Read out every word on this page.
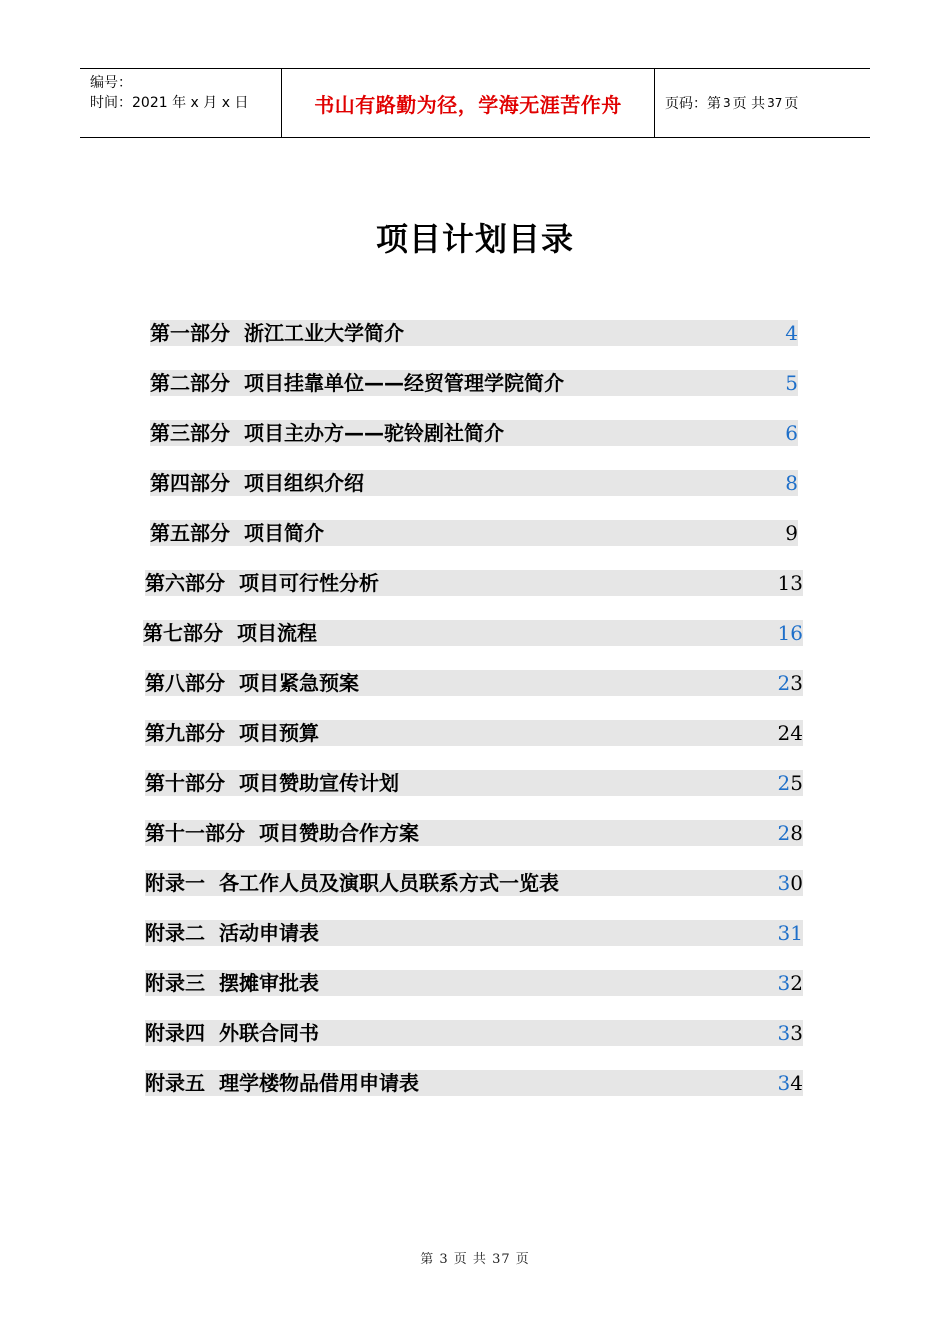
编号：
时间：2021 年 x 月 x 日	书山有路勤为径，学海无涯苦作舟	页码：第 3 页 共 37 页
项目计划目录
第一部分 浙江工业大学简介	4
第二部分 项目挂靠单位——经贸管理学院简介	5
第三部分 项目主办方——驼铃剧社简介	6
第四部分 项目组织介绍	8
第五部分 项目简介	9
第六部分 项目可行性分析	13
第七部分 项目流程	16
第八部分 项目紧急预案	23
第九部分 项目预算	24
第十部分 项目赞助宣传计划	25
第十一部分 项目赞助合作方案	28
附录一 各工作人员及演职人员联系方式一览表	30
附录二 活动申请表	31
附录三 摆摊审批表	32
附录四 外联合同书	33
附录五 理学楼物品借用申请表	34
第 3 页 共 37 页
